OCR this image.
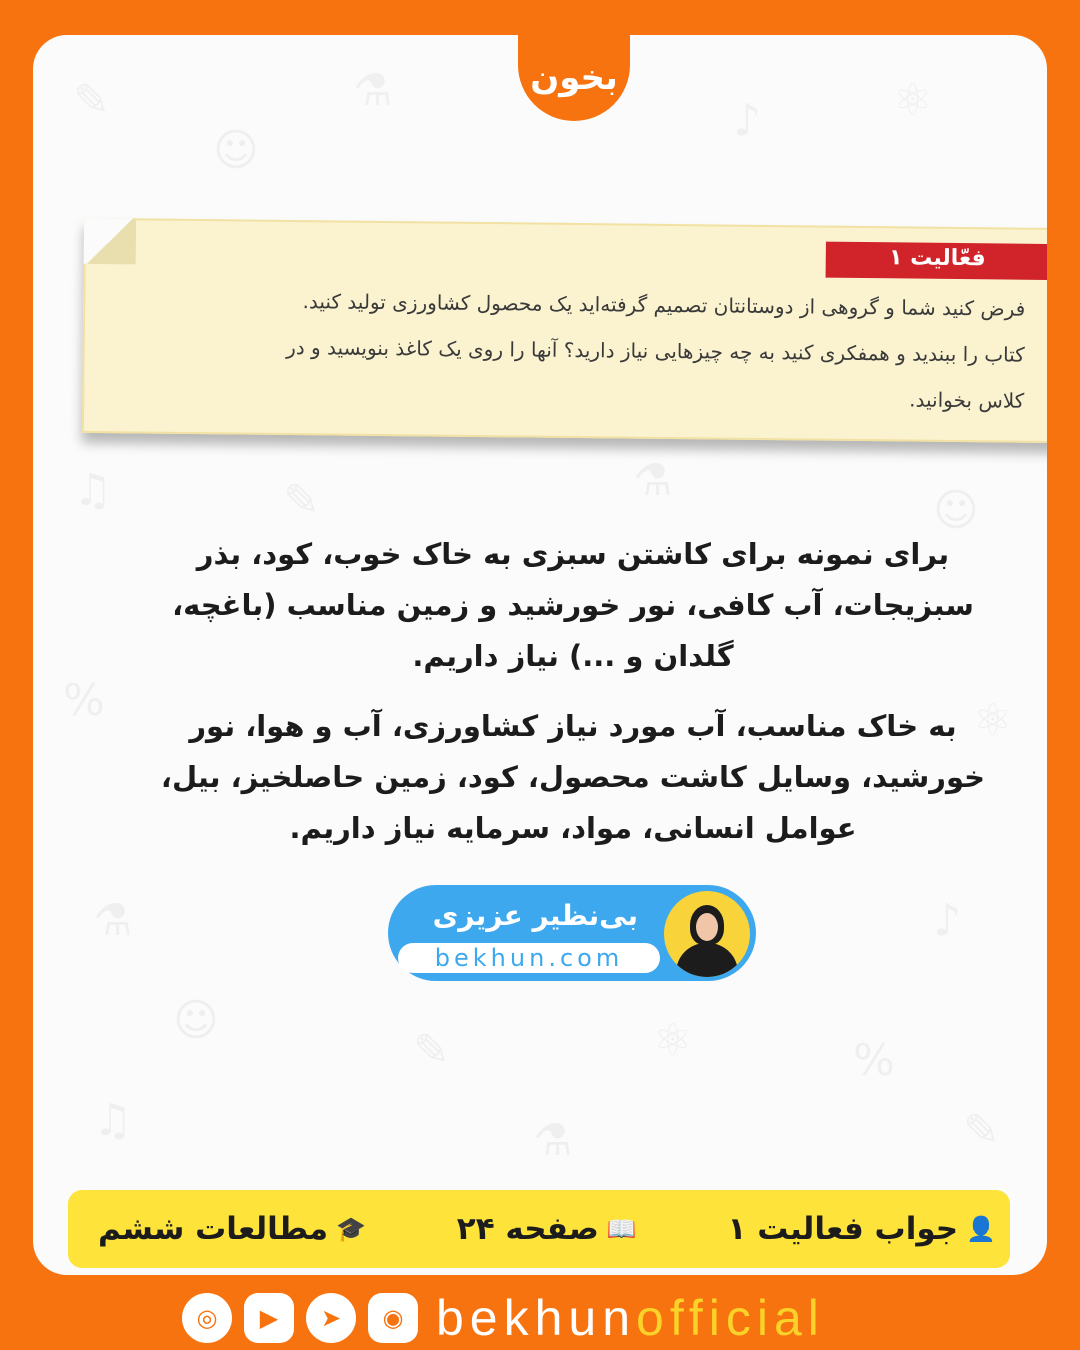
✎
☺
⚗
♪	⚛
♫	✎	⚗
☺
%	⚛
⚗	♪
☺
✎	⚛	%
♫	⚗	✎
بخون
فعّالیت ۱
فرض کنید شما و گروهی از دوستانتان تصمیم گرفته‌اید یک محصول کشاورزی تولید کنید.
کتاب را ببندید و همفکری کنید به چه چیزهایی نیاز دارید؟ آنها را روی یک کاغذ بنویسید و در
کلاس بخوانید.
برای نمونه برای کاشتن سبزی به خاک خوب، کود، بذر سبزیجات، آب کافی، نور خورشید و زمین مناسب (باغچه، گلدان و ...) نیاز داریم.
به خاک مناسب، آب مورد نیاز کشاورزی، آب و هوا، نور خورشید، وسایل کاشت محصول، کود، زمین حاصلخیز، بیل، عوامل انسانی، مواد، سرمایه نیاز داریم.
بی‌نظیر عزیزی
bekhun.com
👤
جواب فعالیت ۱
📖
صفحه ۲۴
🎓
مطالعات ششم
◎	▶	➤	◉ bekhunofficial
